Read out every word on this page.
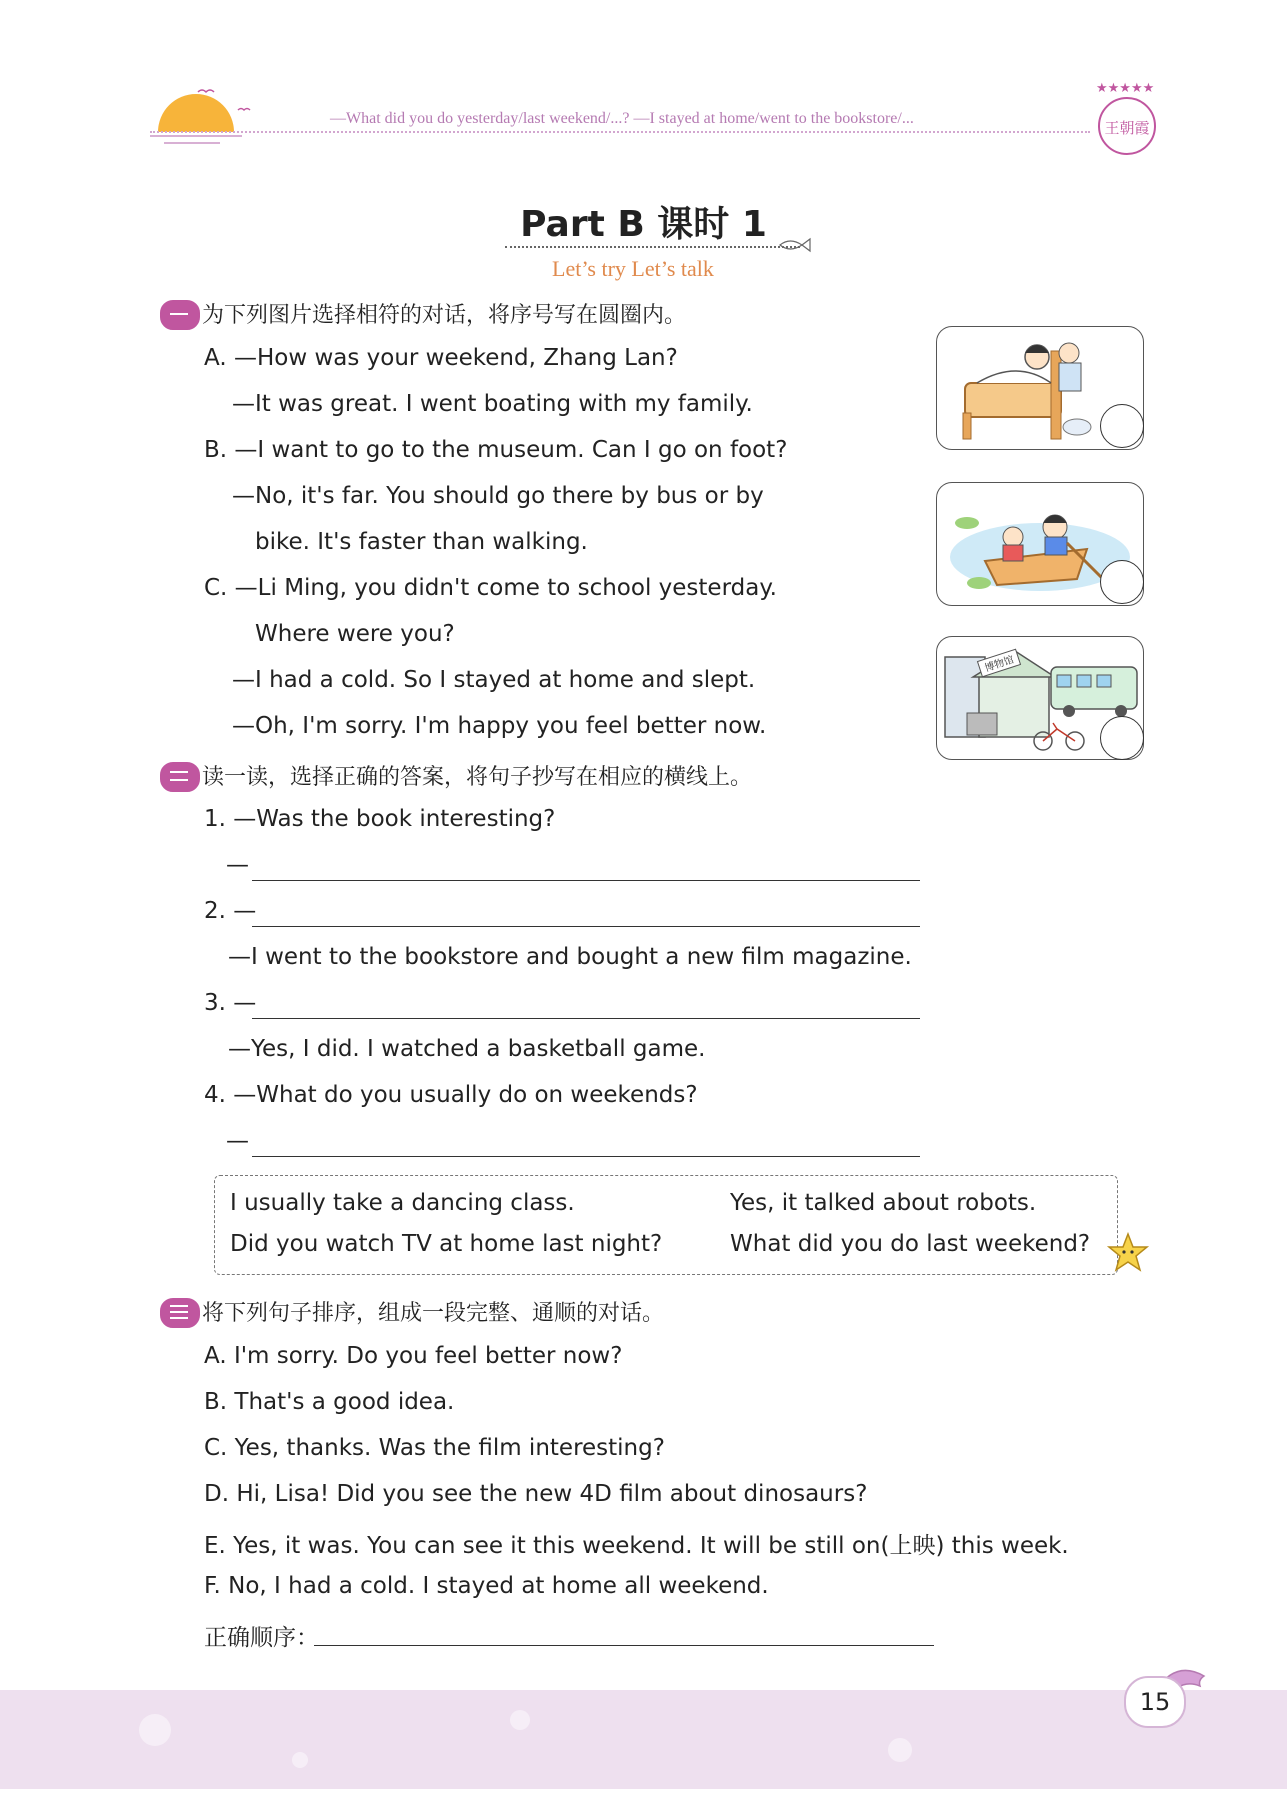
—What did you do yesterday/last weekend/...? —I stayed at home/went to the bookstore/...
★★★★★
王朝霞
Part B 课时 1
Let’s try Let’s talk
为下列图片选择相符的对话，将序号写在圆圈内。
A. —How was your weekend, Zhang Lan?
—It was great. I went boating with my family.
B. —I want to go to the museum. Can I go on foot?
—No, it's far. You should go there by bus or by
bike. It's faster than walking.
C. —Li Ming, you didn't come to school yesterday.
Where were you?
—I had a cold. So I stayed at home and slept.
—Oh, I'm sorry. I'm happy you feel better now.
博物馆
读一读，选择正确的答案，将句子抄写在相应的横线上。
1. —Was the book interesting?
—
2. —
—I went to the bookstore and bought a new film magazine.
3. —
—Yes, I did. I watched a basketball game.
4. —What do you usually do on weekends?
—
I usually take a dancing class.	Yes, it talked about robots.
Did you watch TV at home last night?	What did you do last weekend?
将下列句子排序，组成一段完整、通顺的对话。
A. I'm sorry. Do you feel better now?
B. That's a good idea.
C. Yes, thanks. Was the film interesting?
D. Hi, Lisa! Did you see the new 4D film about dinosaurs?
E. Yes, it was. You can see it this weekend. It will be still on(上映) this week.
F. No, I had a cold. I stayed at home all weekend.
正确顺序：
15
